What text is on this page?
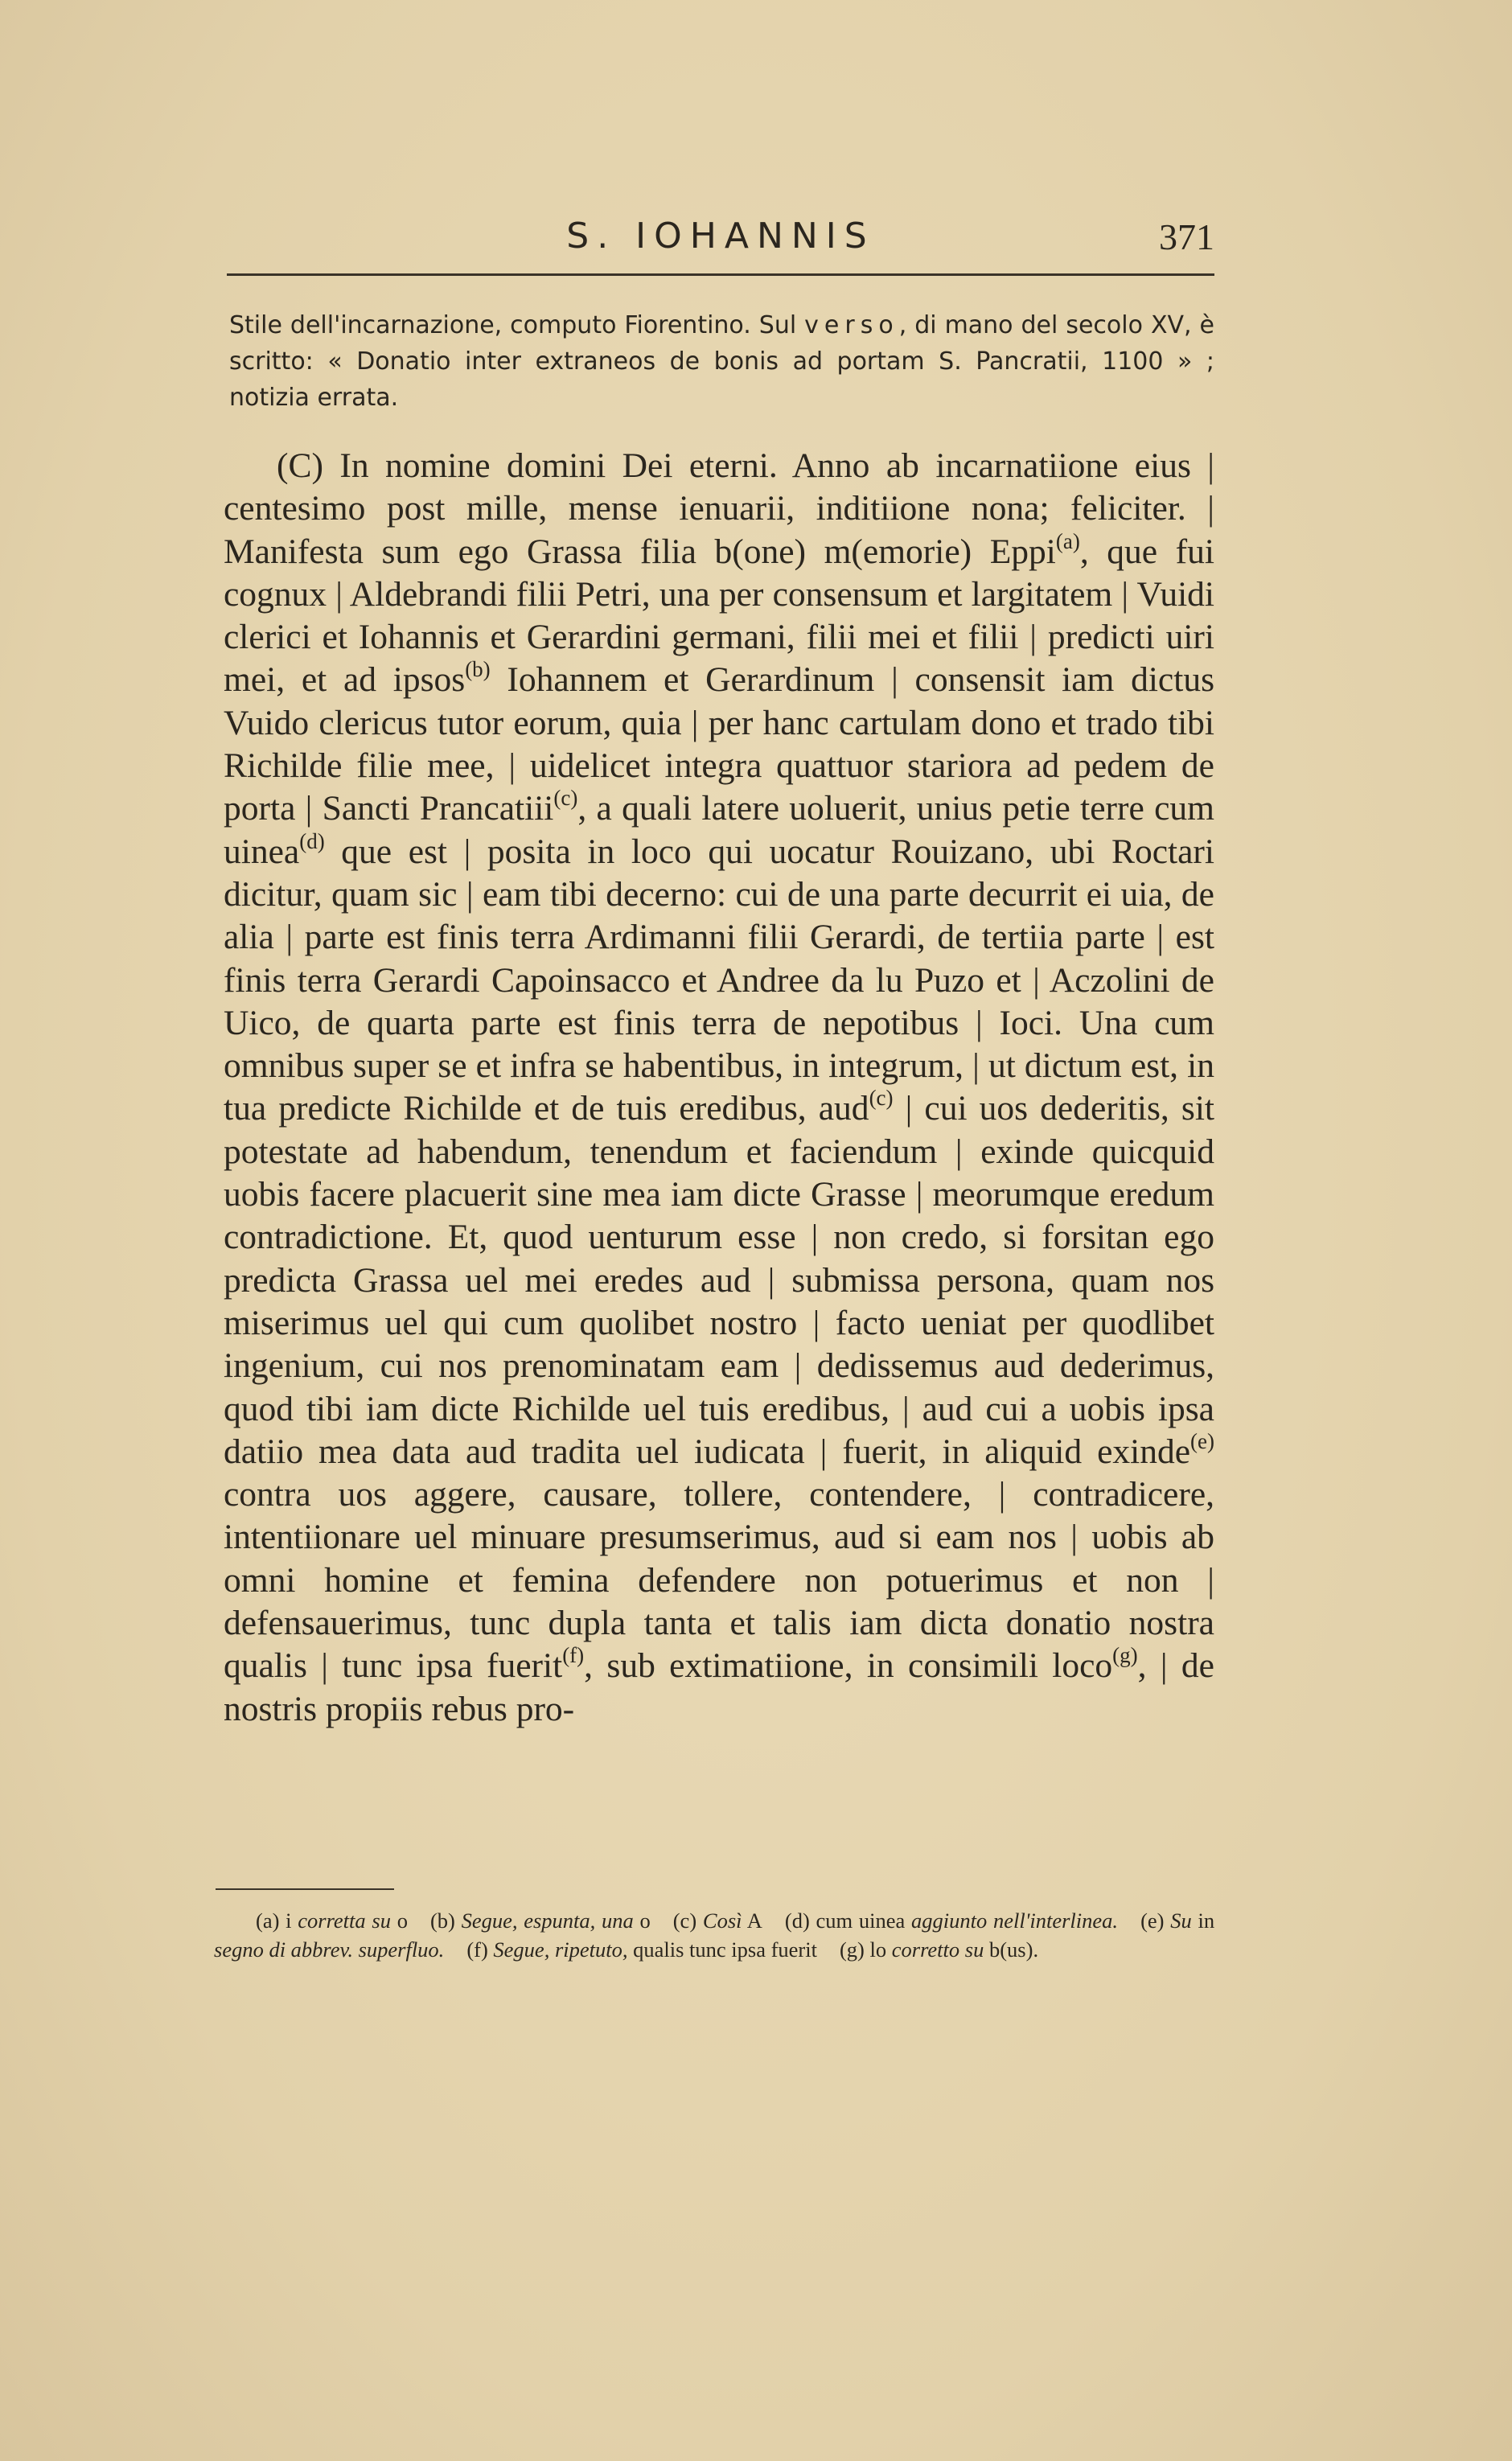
S. IOHANNIS	371

Stile dell'incarnazione, computo Fiorentino. Sul verso, di mano del secolo XV, è scritto: « Donatio inter extraneos de bonis ad portam S. Pancratii, 1100 » ; notizia errata.

(C) In nomine domini Dei eterni. Anno ab incarnatiione eius | centesimo post mille, mense ienuarii, inditiione nona; feliciter. | Manifesta sum ego Grassa filia b(one) m(emorie) Eppi$^{(a)}$, que fui cognux | Aldebrandi filii Petri, una per consensum et largitatem | Vuidi clerici et Iohannis et Gerardini germani, filii mei et filii | predicti uiri mei, et ad ipsos$^{(b)}$ Iohannem et Gerardinum | consensit iam dictus Vuido clericus tutor eorum, quia | per hanc cartulam dono et trado tibi Richilde filie mee, | uidelicet integra quattuor stariora ad pedem de porta | Sancti Prancatiii$^{(c)}$, a quali latere uoluerit, unius petie terre cum uinea$^{(d)}$ que est | posita in loco qui uocatur Rouizano, ubi Roctari dicitur, quam sic | eam tibi decerno: cui de una parte decurrit ei uia, de alia | parte est finis terra Ardimanni filii Gerardi, de tertiia parte | est finis terra Gerardi Capoinsacco et Andree da lu Puzo et | Aczolini de Uico, de quarta parte est finis terra de nepotibus | Ioci. Una cum omnibus super se et infra se habentibus, in integrum, | ut dictum est, in tua predicte Richilde et de tuis eredibus, aud$^{(c)}$ | cui uos dederitis, sit potestate ad habendum, tenendum et faciendum | exinde quicquid uobis facere placuerit sine mea iam dicte Grasse | meorumque eredum contradictione. Et, quod uenturum esse | non credo, si forsitan ego predicta Grassa uel mei eredes aud | submissa persona, quam nos miserimus uel qui cum quolibet nostro | facto ueniat per quodlibet ingenium, cui nos prenominatam eam | dedissemus aud dederimus, quod tibi iam dicte Richilde uel tuis eredibus, | aud cui a uobis ipsa datiio mea data aud tradita uel iudicata | fuerit, in aliquid exinde$^{(e)}$ contra uos aggere, causare, tollere, contendere, | contradicere, intentiionare uel minuare presumserimus, aud si eam nos | uobis ab omni homine et femina defendere non potuerimus et non | defensauerimus, tunc dupla tanta et talis iam dicta donatio nostra qualis | tunc ipsa fuerit$^{(f)}$, sub extimatiione, in consimili loco$^{(g)}$, | de nostris propiis rebus pro-

(a) i corretta su o (b) Segue, espunta, una o (c) Così A (d) cum uinea aggiunto nell'interlinea. (e) Su in segno di abbrev. superfluo. (f) Segue, ripetuto, qualis tunc ipsa fuerit (g) lo corretto su b(us).
